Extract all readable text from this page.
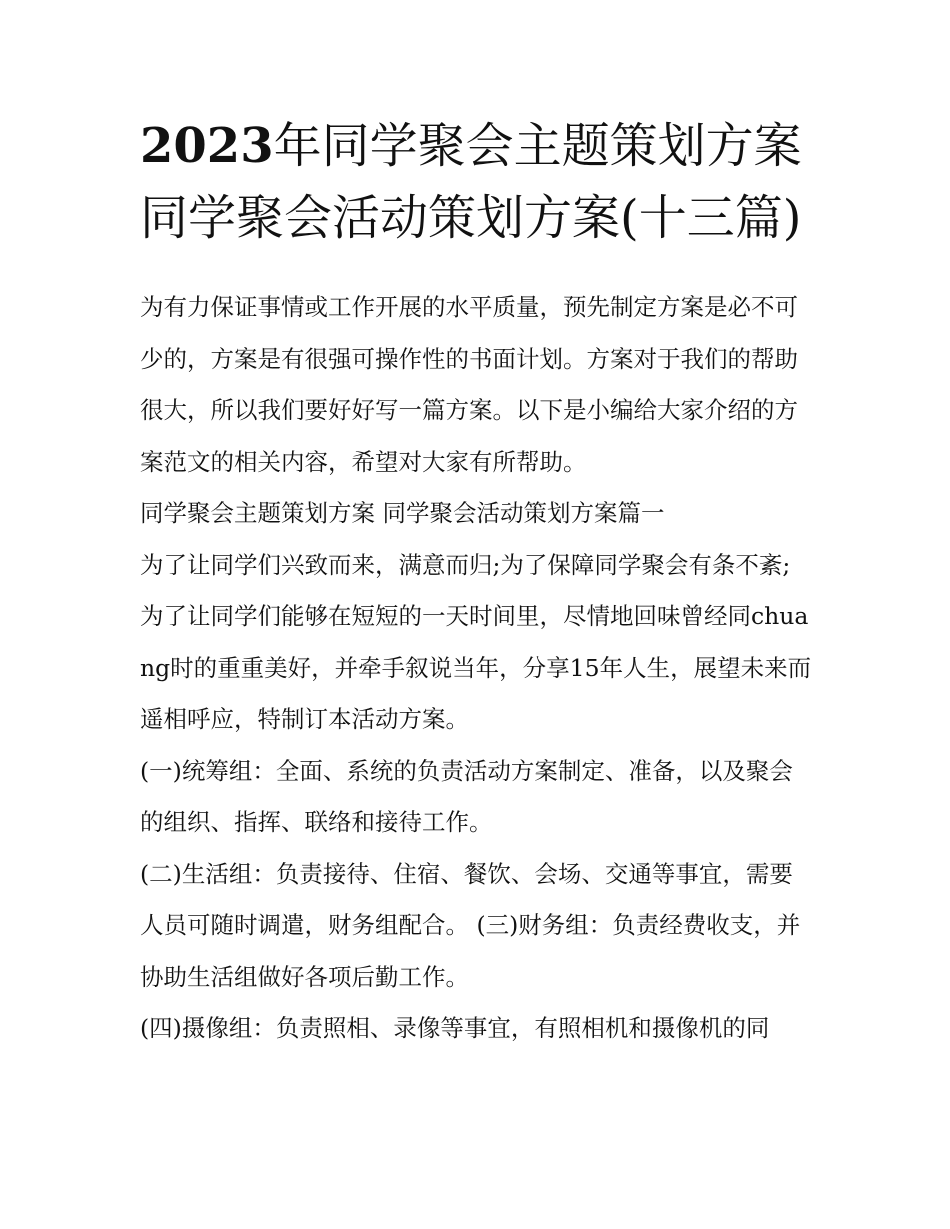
2023年同学聚会主题策划方案 同学聚会活动策划方案(十三篇)

为有力保证事情或工作开展的水平质量，预先制定方案是必不可少的，方案是有很强可操作性的书面计划。方案对于我们的帮助很大，所以我们要好好写一篇方案。以下是小编给大家介绍的方案范文的相关内容，希望对大家有所帮助。

同学聚会主题策划方案 同学聚会活动策划方案篇一

为了让同学们兴致而来，满意而归;为了保障同学聚会有条不紊;为了让同学们能够在短短的一天时间里，尽情地回味曾经同chuang时的重重美好，并牵手叙说当年，分享15年人生，展望未来而遥相呼应，特制订本活动方案。

(一)统筹组：全面、系统的负责活动方案制定、准备，以及聚会的组织、指挥、联络和接待工作。

(二)生活组：负责接待、住宿、餐饮、会场、交通等事宜，需要人员可随时调遣，财务组配合。 (三)财务组：负责经费收支，并协助生活组做好各项后勤工作。

(四)摄像组：负责照相、录像等事宜，有照相机和摄像机的同
